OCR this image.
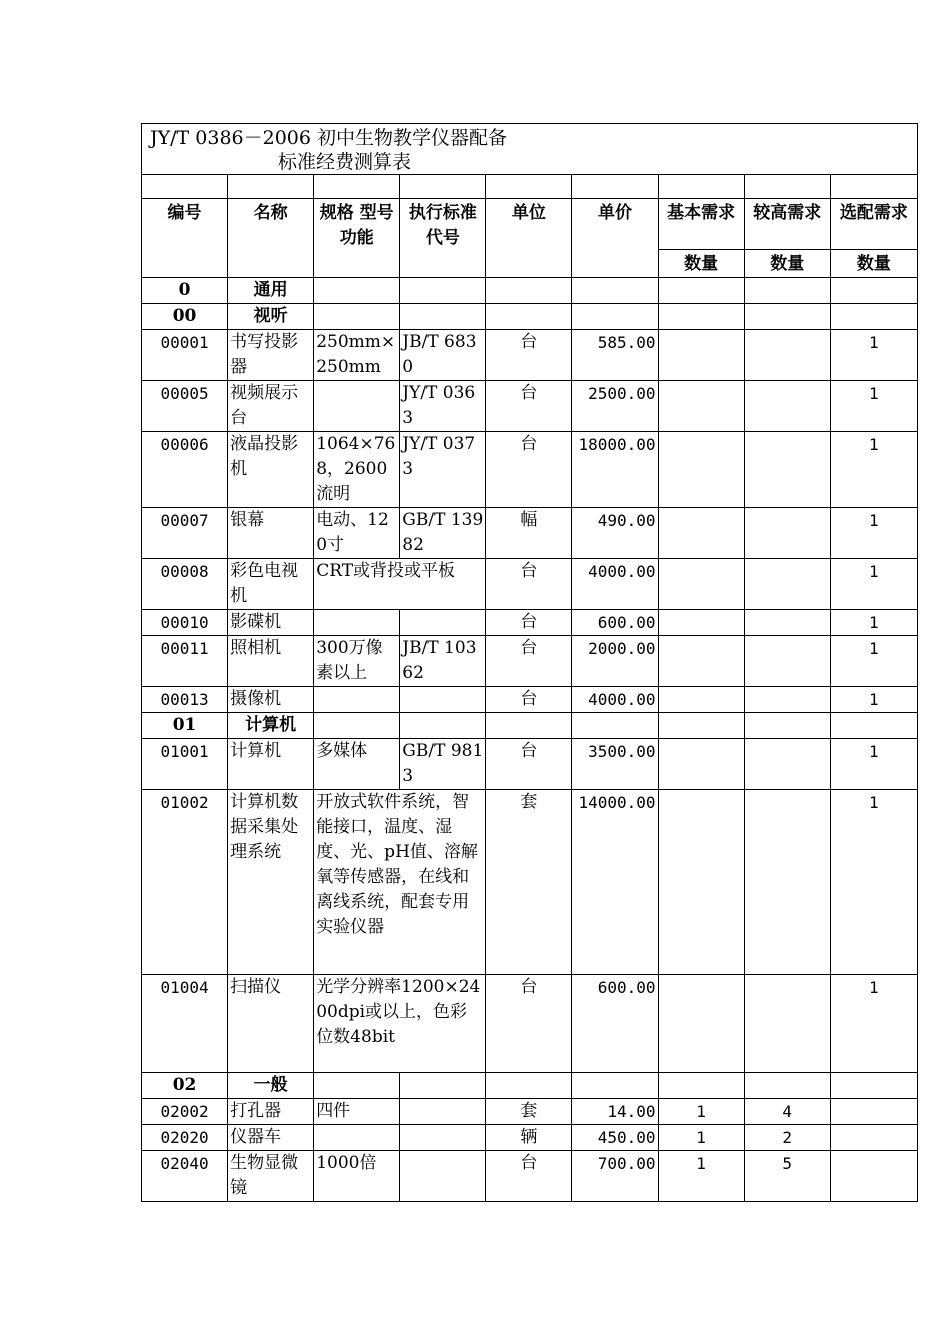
JY/T 0386－2006 初中生物教学仪器配备
标准经费测算表								

编号	名称	规格 型号 功能	执行标准代号	单位	单价	基本需求	较高需求	选配需求
						数量	数量	数量
0	通用							
00	视听							
00001	书写投影器	250mm×250mm	JB/T 6830	台	585.00			1
00005	视频展示台		JY/T 0363	台	2500.00			1
00006	液晶投影机	1064×768，2600流明	JY/T 0373	台	18000.00			1
00007	银幕	电动、120寸	GB/T 13982	幅	490.00			1
00008	彩色电视机	CRT或背投或平板		台	4000.00			1
00010	影碟机			台	600.00			1
00011	照相机	300万像素以上	JB/T 10362	台	2000.00			1
00013	摄像机			台	4000.00			1
01	计算机							
01001	计算机	多媒体	GB/T 9813	台	3500.00			1
01002	计算机数据采集处理系统	开放式软件系统，智能接口，温度、湿度、光、pH值、溶解氧等传感器，在线和离线系统，配套专用实验仪器		套	14000.00			1
01004	扫描仪	光学分辨率1200×2400dpi或以上，色彩位数48bit		台	600.00			1
02	一般							
02002	打孔器	四件		套	14.00	1	4	
02020	仪器车			辆	450.00	1	2	
02040	生物显微镜	1000倍		台	700.00	1	5	
